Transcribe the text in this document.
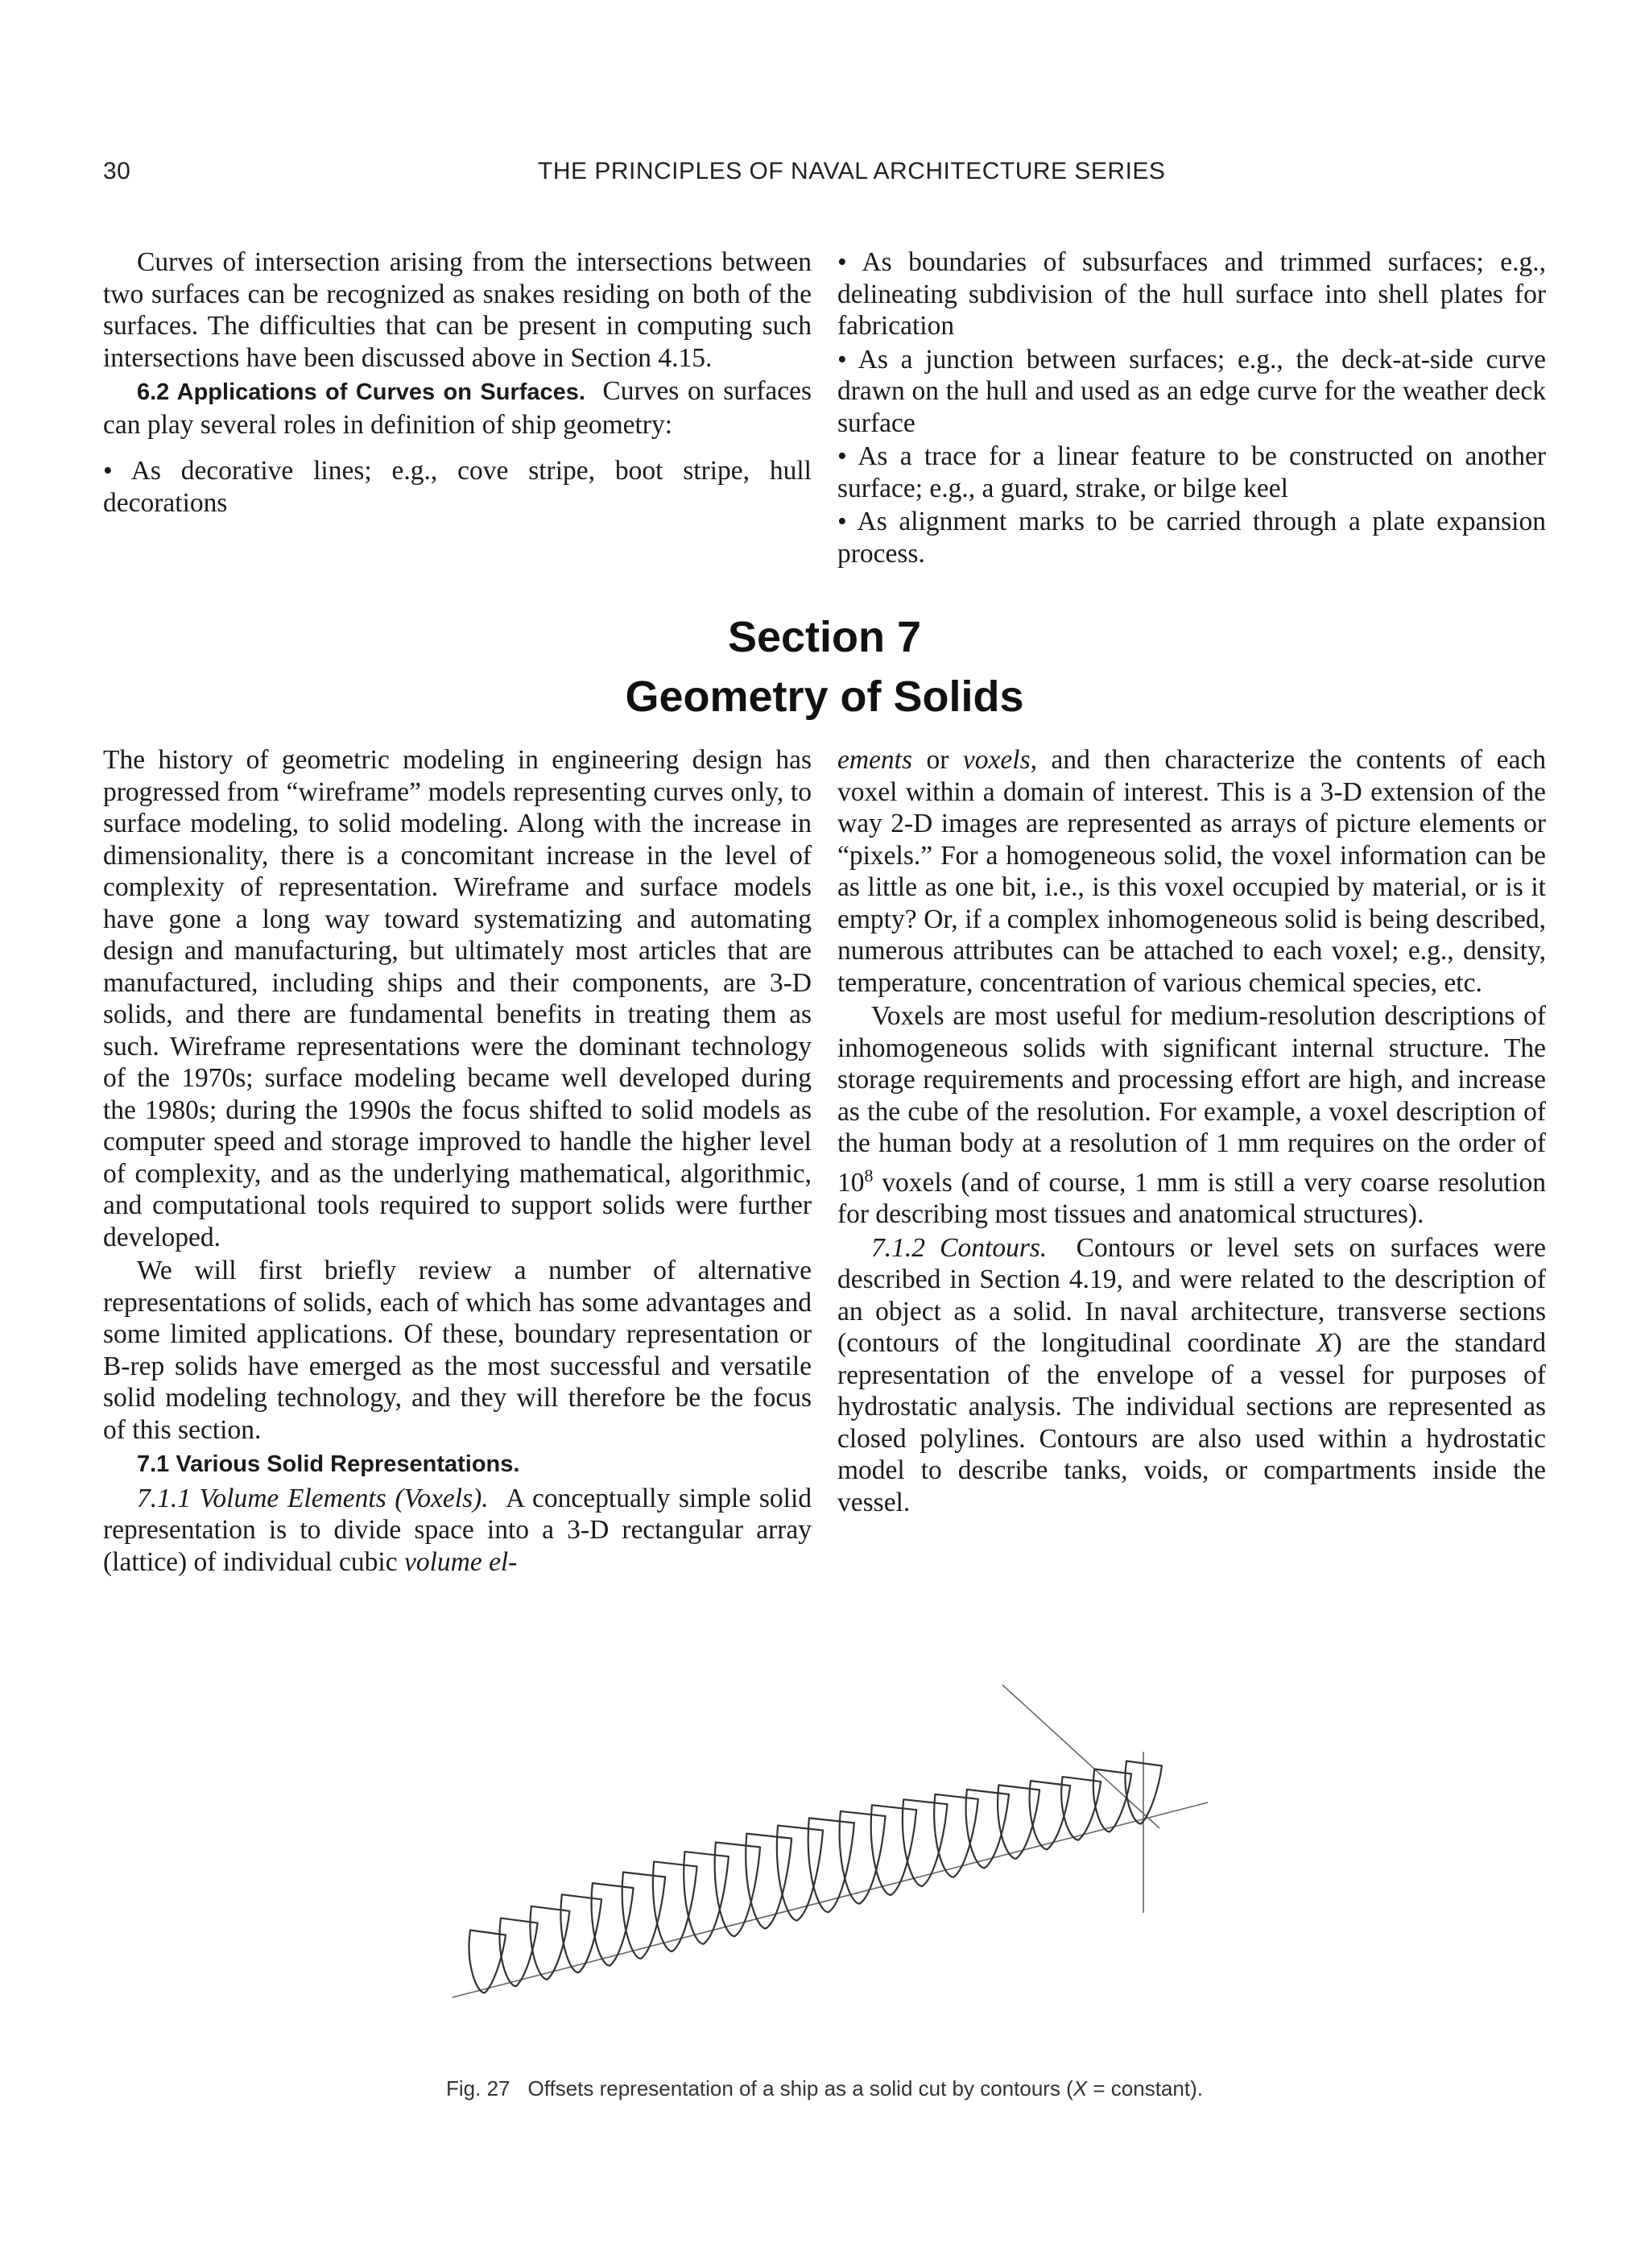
30	THE PRINCIPLES OF NAVAL ARCHITECTURE SERIES

Curves of intersection arising from the intersections between two surfaces can be recognized as snakes residing on both of the surfaces. The difficulties that can be present in computing such intersections have been discussed above in Section 4.15.

6.2 Applications of Curves on Surfaces. Curves on surfaces can play several roles in definition of ship geometry:

• As decorative lines; e.g., cove stripe, boot stripe, hull decorations

• As boundaries of subsurfaces and trimmed surfaces; e.g., delineating subdivision of the hull surface into shell plates for fabrication

• As a junction between surfaces; e.g., the deck-at-side curve drawn on the hull and used as an edge curve for the weather deck surface

• As a trace for a linear feature to be constructed on another surface; e.g., a guard, strake, or bilge keel

• As alignment marks to be carried through a plate expansion process.

Section 7
Geometry of Solids

The history of geometric modeling in engineering design has progressed from “wireframe” models representing curves only, to surface modeling, to solid modeling. Along with the increase in dimensionality, there is a concomitant increase in the level of complexity of representation. Wireframe and surface models have gone a long way toward systematizing and automating design and manufacturing, but ultimately most articles that are manufactured, including ships and their components, are 3-D solids, and there are fundamental benefits in treating them as such. Wireframe representations were the dominant technology of the 1970s; surface modeling became well developed during the 1980s; during the 1990s the focus shifted to solid models as computer speed and storage improved to handle the higher level of complexity, and as the underlying mathematical, algorithmic, and computational tools required to support solids were further developed.

We will first briefly review a number of alternative representations of solids, each of which has some advantages and some limited applications. Of these, boundary representation or B-rep solids have emerged as the most successful and versatile solid modeling technology, and they will therefore be the focus of this section.

7.1 Various Solid Representations.

7.1.1 Volume Elements (Voxels). A conceptually simple solid representation is to divide space into a 3-D rectangular array (lattice) of individual cubic volume el-

ements or voxels, and then characterize the contents of each voxel within a domain of interest. This is a 3-D extension of the way 2-D images are represented as arrays of picture elements or “pixels.” For a homogeneous solid, the voxel information can be as little as one bit, i.e., is this voxel occupied by material, or is it empty? Or, if a complex inhomogeneous solid is being described, numerous attributes can be attached to each voxel; e.g., density, temperature, concentration of various chemical species, etc.

Voxels are most useful for medium-resolution descriptions of inhomogeneous solids with significant internal structure. The storage requirements and processing effort are high, and increase as the cube of the resolution. For example, a voxel description of the human body at a resolution of 1 mm requires on the order of $10^8$ voxels (and of course, 1 mm is still a very coarse resolution for describing most tissues and anatomical structures).

7.1.2 Contours. Contours or level sets on surfaces were described in Section 4.19, and were related to the description of an object as a solid. In naval architecture, transverse sections (contours of the longitudinal coordinate X) are the standard representation of the envelope of a vessel for purposes of hydrostatic analysis. The individual sections are represented as closed polylines. Contours are also used within a hydrostatic model to describe tanks, voids, or compartments inside the vessel.

Fig. 27 Offsets representation of a ship as a solid cut by contours (X = constant).
